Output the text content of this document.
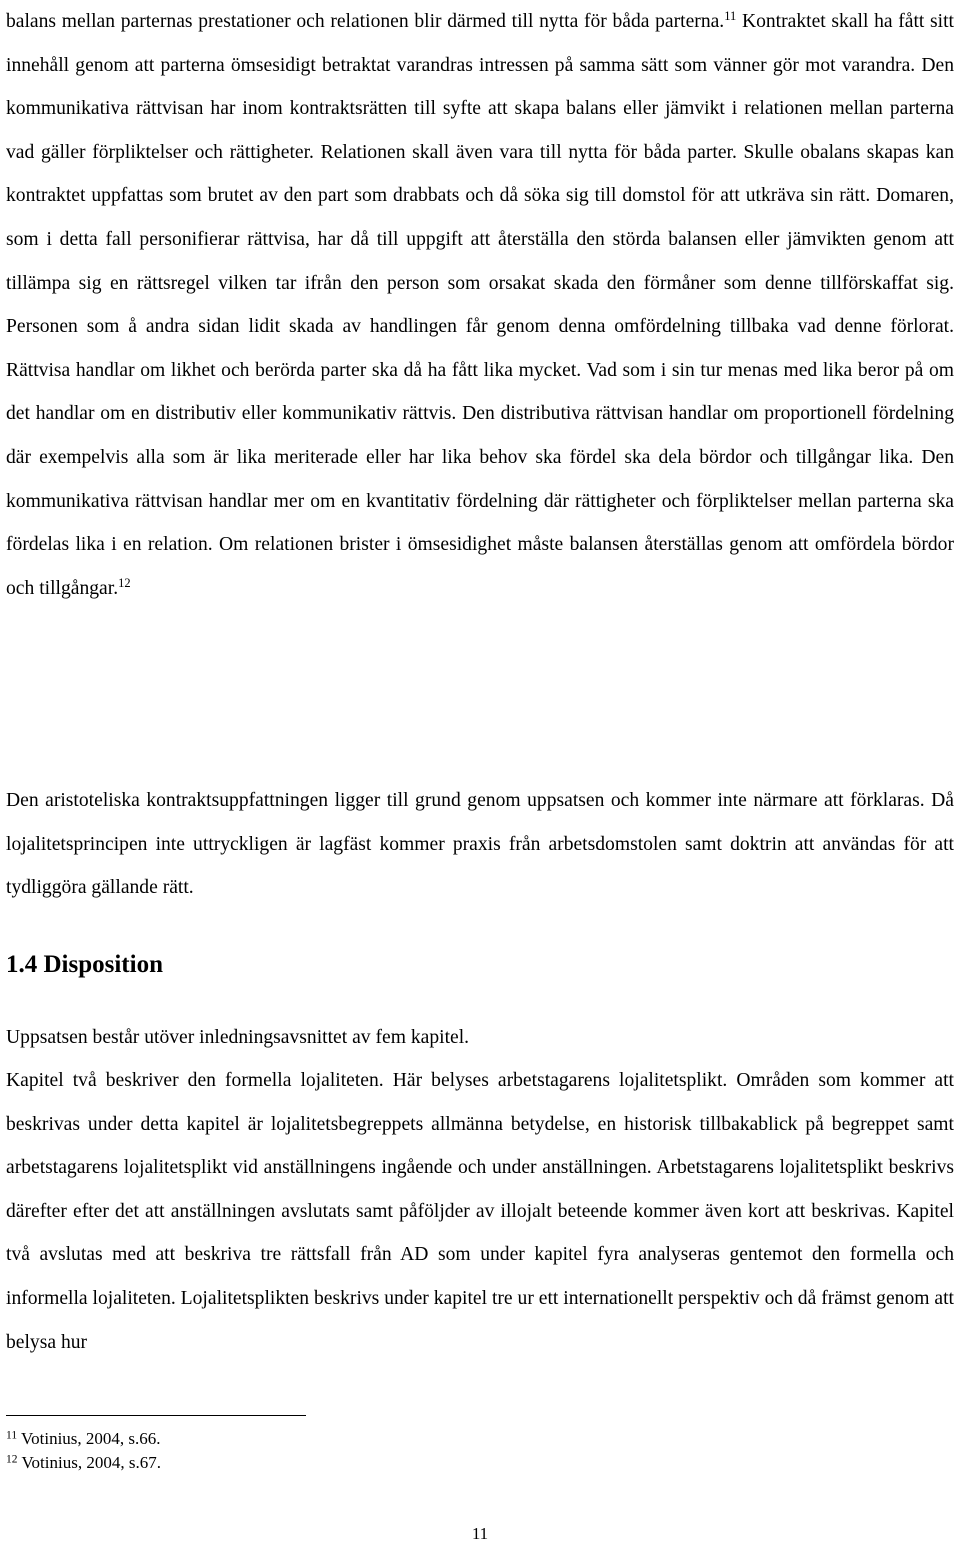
balans mellan parternas prestationer och relationen blir därmed till nytta för båda parterna.$^{11}$ Kontraktet skall ha fått sitt innehåll genom att parterna ömsesidigt betraktat varandras intressen på samma sätt som vänner gör mot varandra. Den kommunikativa rättvisan har inom kontraktsrätten till syfte att skapa balans eller jämvikt i relationen mellan parterna vad gäller förpliktelser och rättigheter. Relationen skall även vara till nytta för båda parter. Skulle obalans skapas kan kontraktet uppfattas som brutet av den part som drabbats och då söka sig till domstol för att utkräva sin rätt. Domaren, som i detta fall personifierar rättvisa, har då till uppgift att återställa den störda balansen eller jämvikten genom att tillämpa sig en rättsregel vilken tar ifrån den person som orsakat skada den förmåner som denne tillförskaffat sig. Personen som å andra sidan lidit skada av handlingen får genom denna omfördelning tillbaka vad denne förlorat. Rättvisa handlar om likhet och berörda parter ska då ha fått lika mycket. Vad som i sin tur menas med lika beror på om det handlar om en distributiv eller kommunikativ rättvis. Den distributiva rättvisan handlar om proportionell fördelning där exempelvis alla som är lika meriterade eller har lika behov ska fördel ska dela bördor och tillgångar lika. Den kommunikativa rättvisan handlar mer om en kvantitativ fördelning där rättigheter och förpliktelser mellan parterna ska fördelas lika i en relation. Om relationen brister i ömsesidighet måste balansen återställas genom att omfördela bördor och tillgångar.$^{12}$

Den aristoteliska kontraktsuppfattningen ligger till grund genom uppsatsen och kommer inte närmare att förklaras. Då lojalitetsprincipen inte uttryckligen är lagfäst kommer praxis från arbetsdomstolen samt doktrin att användas för att tydliggöra gällande rätt.

1.4 Disposition

Uppsatsen består utöver inledningsavsnittet av fem kapitel.

Kapitel två beskriver den formella lojaliteten. Här belyses arbetstagarens lojalitetsplikt. Områden som kommer att beskrivas under detta kapitel är lojalitetsbegreppets allmänna betydelse, en historisk tillbakablick på begreppet samt arbetstagarens lojalitetsplikt vid anställningens ingående och under anställningen. Arbetstagarens lojalitetsplikt beskrivs därefter efter det att anställningen avslutats samt påföljder av illojalt beteende kommer även kort att beskrivas. Kapitel två avslutas med att beskriva tre rättsfall från AD som under kapitel fyra analyseras gentemot den formella och informella lojaliteten. Lojalitetsplikten beskrivs under kapitel tre ur ett internationellt perspektiv och då främst genom att belysa hur

$^{11}$ Votinius, 2004, s.66.
$^{12}$ Votinius, 2004, s.67.
11
